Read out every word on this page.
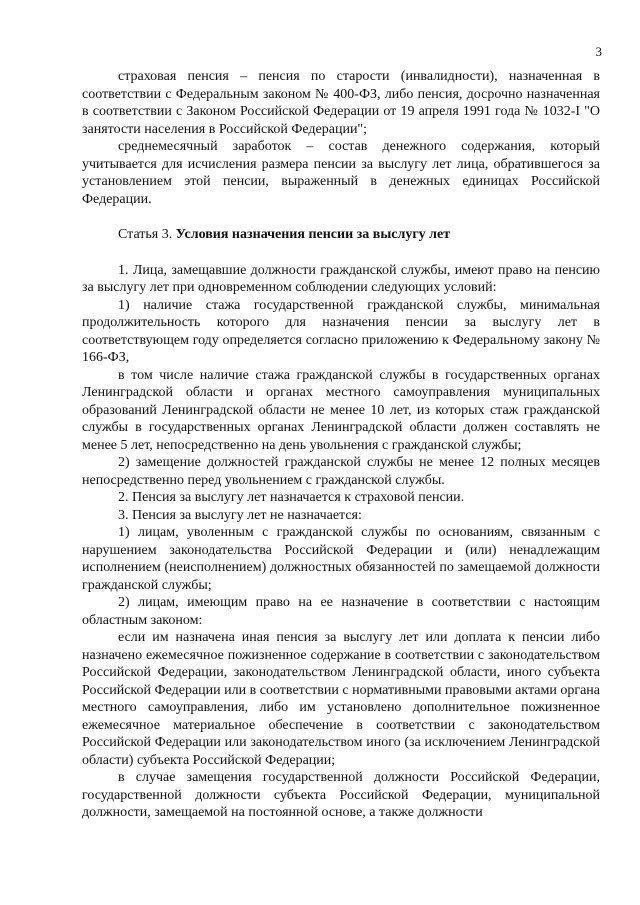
3

страховая пенсия – пенсия по старости (инвалидности), назначенная в соответствии с Федеральным законом № 400-ФЗ, либо пенсия, досрочно назначенная в соответствии с Законом Российской Федерации от 19 апреля 1991 года № 1032-I "О занятости населения в Российской Федерации";

среднемесячный заработок – состав денежного содержания, который учитывается для исчисления размера пенсии за выслугу лет лица, обратившегося за установлением этой пенсии, выраженный в денежных единицах Российской Федерации.

Статья 3. Условия назначения пенсии за выслугу лет

1. Лица, замещавшие должности гражданской службы, имеют право на пенсию за выслугу лет при одновременном соблюдении следующих условий:

1) наличие стажа государственной гражданской службы, минимальная продолжительность которого для назначения пенсии за выслугу лет в соответствующем году определяется согласно приложению к Федеральному закону № 166-ФЗ,

в том числе наличие стажа гражданской службы в государственных органах Ленинградской области и органах местного самоуправления муниципальных образований Ленинградской области не менее 10 лет, из которых стаж гражданской службы в государственных органах Ленинградской области должен составлять не менее 5 лет, непосредственно на день увольнения с гражданской службы;

2) замещение должностей гражданской службы не менее 12 полных месяцев непосредственно перед увольнением с гражданской службы.

2. Пенсия за выслугу лет назначается к страховой пенсии.

3. Пенсия за выслугу лет не назначается:

1) лицам, уволенным с гражданской службы по основаниям, связанным с нарушением законодательства Российской Федерации и (или) ненадлежащим исполнением (неисполнением) должностных обязанностей по замещаемой должности гражданской службы;

2) лицам, имеющим право на ее назначение в соответствии с настоящим областным законом:

если им назначена иная пенсия за выслугу лет или доплата к пенсии либо назначено ежемесячное пожизненное содержание в соответствии с законодательством Российской Федерации, законодательством Ленинградской области, иного субъекта Российской Федерации или в соответствии с нормативными правовыми актами органа местного самоуправления, либо им установлено дополнительное пожизненное ежемесячное материальное обеспечение в соответствии с законодательством Российской Федерации или законодательством иного (за исключением Ленинградской области) субъекта Российской Федерации;

в случае замещения государственной должности Российской Федерации, государственной должности субъекта Российской Федерации, муниципальной должности, замещаемой на постоянной основе, а также должности
